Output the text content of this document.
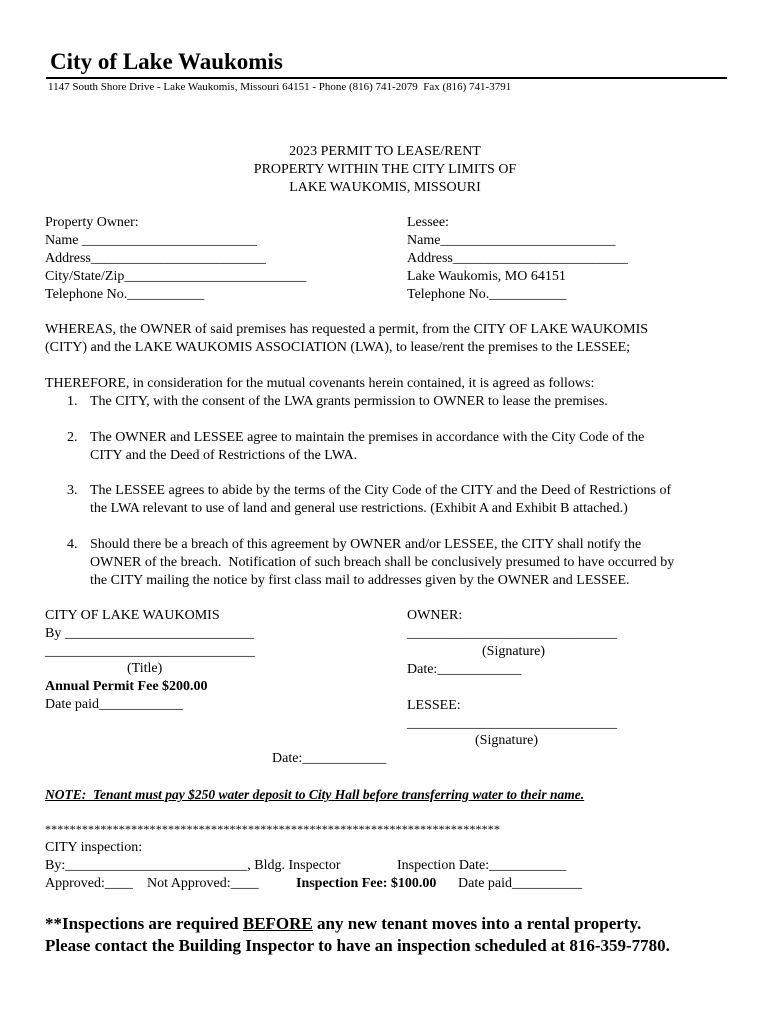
City of Lake Waukomis
1147 South Shore Drive - Lake Waukomis, Missouri 64151 - Phone (816) 741-2079  Fax (816) 741-3791
2023 PERMIT TO LEASE/RENT
PROPERTY WITHIN THE CITY LIMITS OF
LAKE WAUKOMIS, MISSOURI
Property Owner:
Name _________________________
Address_________________________
City/State/Zip__________________________
Telephone No.___________
Lessee:
Name_________________________
Address_________________________
Lake Waukomis, MO 64151
Telephone No.___________
WHEREAS, the OWNER of said premises has requested a permit, from the CITY OF LAKE WAUKOMIS
(CITY) and the LAKE WAUKOMIS ASSOCIATION (LWA), to lease/rent the premises to the LESSEE;
THEREFORE, in consideration for the mutual covenants herein contained, it is agreed as follows:
1. The CITY, with the consent of the LWA grants permission to OWNER to lease the premises.
2. The OWNER and LESSEE agree to maintain the premises in accordance with the City Code of the
CITY and the Deed of Restrictions of the LWA.
3. The LESSEE agrees to abide by the terms of the City Code of the CITY and the Deed of Restrictions of
the LWA relevant to use of land and general use restrictions. (Exhibit A and Exhibit B attached.)
4. Should there be a breach of this agreement by OWNER and/or LESSEE, the CITY shall notify the
OWNER of the breach.  Notification of such breach shall be conclusively presumed to have occurred by
the CITY mailing the notice by first class mail to addresses given by the OWNER and LESSEE.
CITY OF LAKE WAUKOMIS
By ___________________________
______________________________
(Title)
Annual Permit Fee $200.00
Date paid____________
OWNER:
______________________________
(Signature)
Date:____________
LESSEE:
______________________________
(Signature)
Date:____________
NOTE:  Tenant must pay $250 water deposit to City Hall before transferring water to their name.
**************************************************************************
CITY inspection:
By:__________________________, Bldg. Inspector	Inspection Date:___________
Approved:____ Not Approved:____	Inspection Fee: $100.00 Date paid__________
**Inspections are required BEFORE any new tenant moves into a rental property.
Please contact the Building Inspector to have an inspection scheduled at 816-359-7780.
